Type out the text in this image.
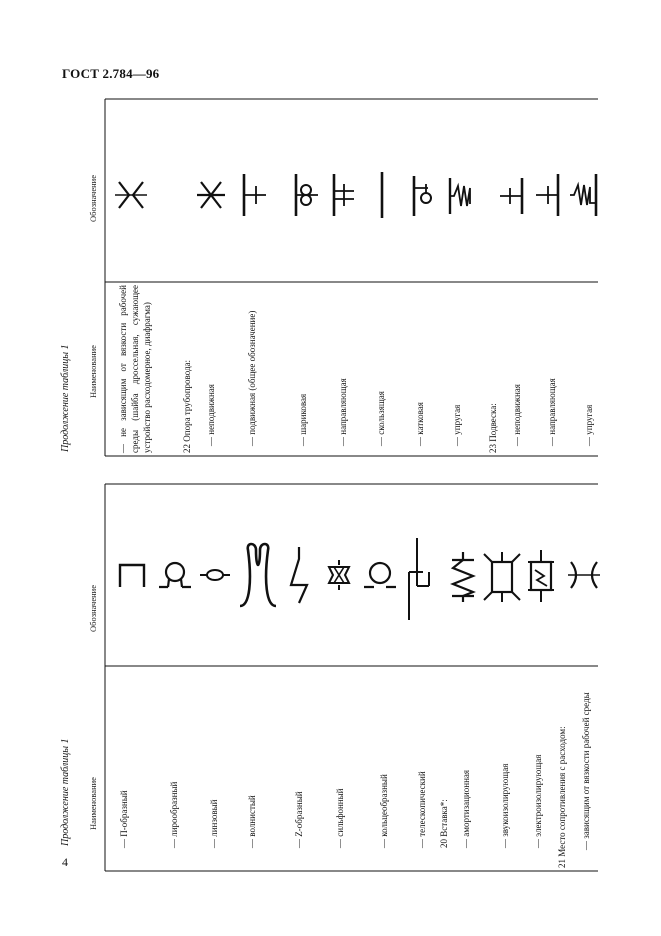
ГОСТ 2.784—96
4
Продолжение таблицы 1
Продолжение таблицы 1
Наименование
Обозначение
Наименование
Обозначение
— П-образный	— лирообразный	— линзовый	— волнистый	— Z-образный	— сильфонный	— кольцеобразный	— телескопический 20 Вставка*: — амортизационная	— звукоизолирующая	— электроизолирующая 21 Место сопротивления с расходом: — зависящим от вязкости рабочей среды
— не зависящим от вязкости рабочей среды (шайба дроссельная, сужающее устройство расходомерное, диафрагма)	22 Опора трубопровода: — неподвижная	— подвижная (общее обозначение)	— шариковая	— направляющая	— скользящая	— катковая	— упругая	23 Подвеска: — неподвижная	— направляющая	— упругая
